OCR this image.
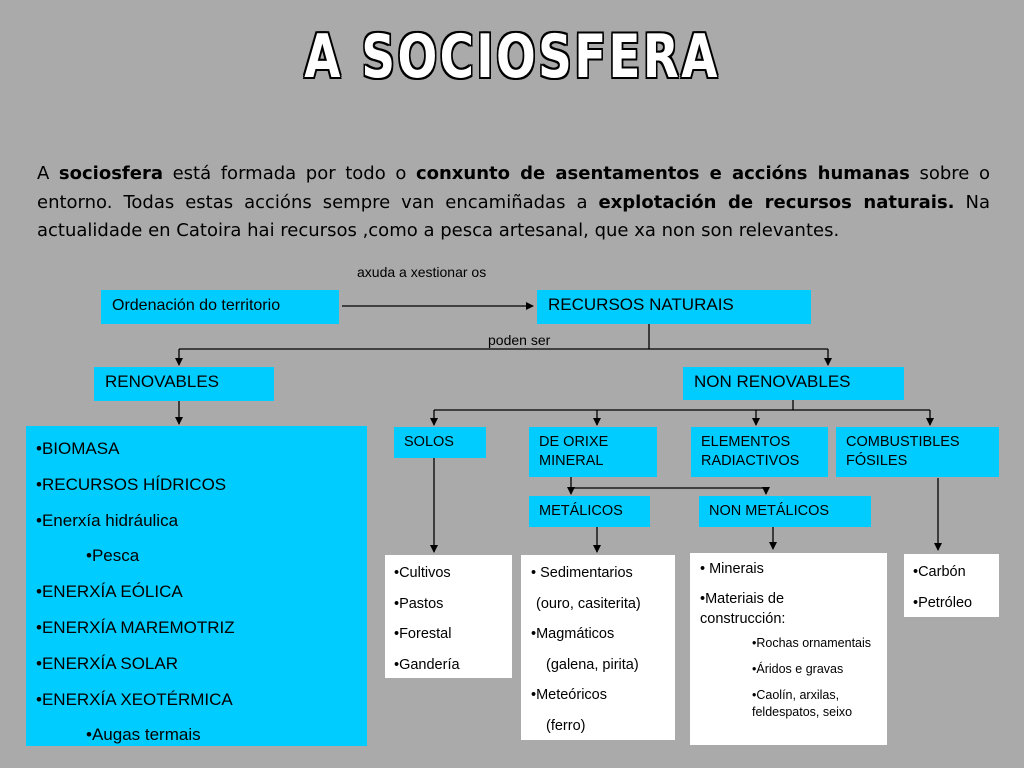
A SOCIOSFERA
A sociosfera está formada por todo o conxunto de asentamentos e accións humanas sobre o entorno. Todas estas accións sempre van encamiñadas a explotación de recursos naturais. Na actualidade en Catoira hai recursos ,como a pesca artesanal, que xa non son relevantes.
axuda a xestionar os
poden ser
Ordenación do territorio	RECURSOS NATURAIS
RENOVABLES	NON RENOVABLES
SOLOS	DE ORIXE MINERAL
ELEMENTOS RADIACTIVOS
COMBUSTIBLES FÓSILES
METÁLICOS	NON METÁLICOS
•BIOMASA
•RECURSOS HÍDRICOS
•Enerxía hidráulica
•Pesca
•ENERXÍA EÓLICA
•ENERXÍA MAREMOTRIZ
•ENERXÍA SOLAR
•ENERXÍA XEOTÉRMICA
•Augas termais
•Cultivos
•Pastos
•Forestal
•Gandería
• Sedimentarios
(ouro, casiterita)
•Magmáticos
(galena, pirita)
•Meteóricos
(ferro)
• Minerais
•Materiais de construcción:
•Rochas ornamentais
•Áridos e gravas
•Caolín, arxilas, feldespatos, seixo
•Carbón
•Petróleo
